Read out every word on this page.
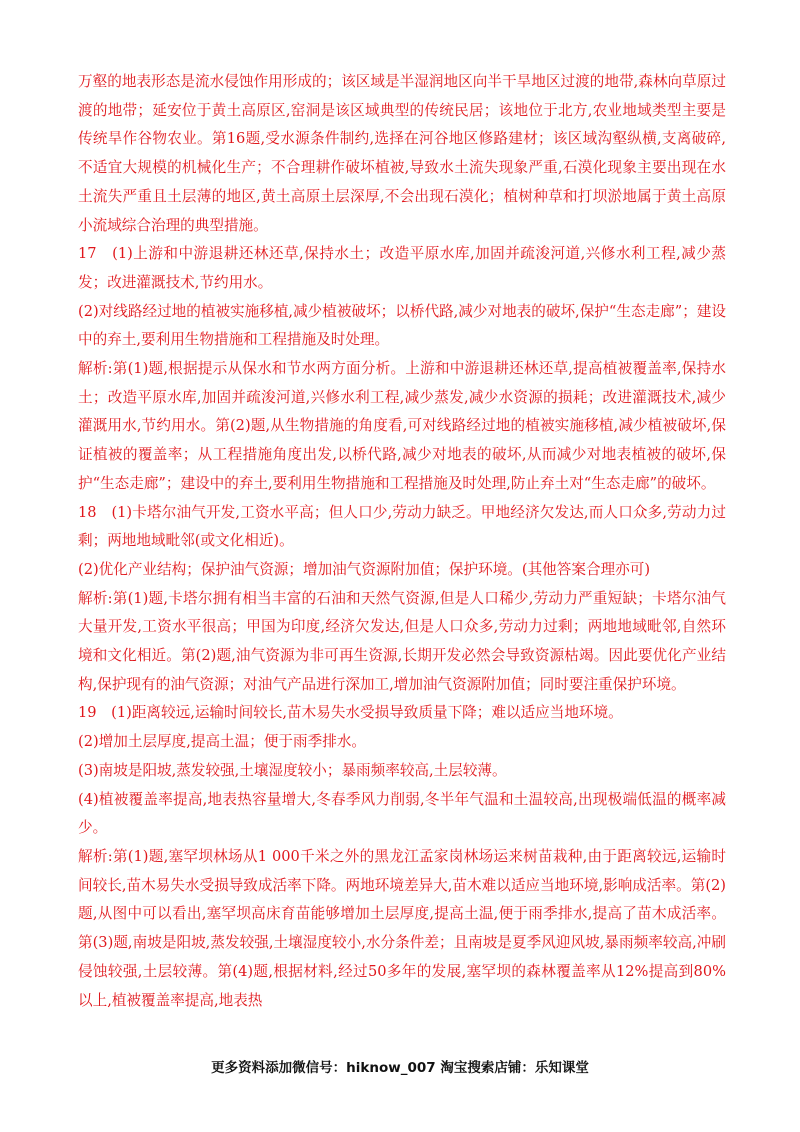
万壑的地表形态是流水侵蚀作用形成的；该区域是半湿润地区向半干旱地区过渡的地带,森林向草原过渡的地带；延安位于黄土高原区,窑洞是该区域典型的传统民居；该地位于北方,农业地域类型主要是传统旱作谷物农业。第16题,受水源条件制约,选择在河谷地区修路建材；该区域沟壑纵横,支离破碎,不适宜大规模的机械化生产；不合理耕作破坏植被,导致水土流失现象严重,石漠化现象主要出现在水土流失严重且土层薄的地区,黄土高原土层深厚,不会出现石漠化；植树种草和打坝淤地属于黄土高原小流域综合治理的典型措施。

17　(1)上游和中游退耕还林还草,保持水土；改造平原水库,加固并疏浚河道,兴修水利工程,减少蒸发；改进灌溉技术,节约用水。

(2)对线路经过地的植被实施移植,减少植被破坏；以桥代路,减少对地表的破坏,保护“生态走廊”；建设中的弃土,要利用生物措施和工程措施及时处理。

解析:第(1)题,根据提示从保水和节水两方面分析。上游和中游退耕还林还草,提高植被覆盖率,保持水土；改造平原水库,加固并疏浚河道,兴修水利工程,减少蒸发,减少水资源的损耗；改进灌溉技术,减少灌溉用水,节约用水。第(2)题,从生物措施的角度看,可对线路经过地的植被实施移植,减少植被破坏,保证植被的覆盖率；从工程措施角度出发,以桥代路,减少对地表的破坏,从而减少对地表植被的破坏,保护“生态走廊”；建设中的弃土,要利用生物措施和工程措施及时处理,防止弃土对“生态走廊”的破坏。

18　(1)卡塔尔油气开发,工资水平高；但人口少,劳动力缺乏。甲地经济欠发达,而人口众多,劳动力过剩；两地地域毗邻(或文化相近)。

(2)优化产业结构；保护油气资源；增加油气资源附加值；保护环境。(其他答案合理亦可)

解析:第(1)题,卡塔尔拥有相当丰富的石油和天然气资源,但是人口稀少,劳动力严重短缺；卡塔尔油气大量开发,工资水平很高；甲国为印度,经济欠发达,但是人口众多,劳动力过剩；两地地域毗邻,自然环境和文化相近。第(2)题,油气资源为非可再生资源,长期开发必然会导致资源枯竭。因此要优化产业结构,保护现有的油气资源；对油气产品进行深加工,增加油气资源附加值；同时要注重保护环境。

19　(1)距离较远,运输时间较长,苗木易失水受损导致质量下降；难以适应当地环境。

(2)增加土层厚度,提高土温；便于雨季排水。

(3)南坡是阳坡,蒸发较强,土壤湿度较小；暴雨频率较高,土层较薄。

(4)植被覆盖率提高,地表热容量增大,冬春季风力削弱,冬半年气温和土温较高,出现极端低温的概率减少。

解析:第(1)题,塞罕坝林场从1 000千米之外的黑龙江孟家岗林场运来树苗栽种,由于距离较远,运输时间较长,苗木易失水受损导致成活率下降。两地环境差异大,苗木难以适应当地环境,影响成活率。第(2)题,从图中可以看出,塞罕坝高床育苗能够增加土层厚度,提高土温,便于雨季排水,提高了苗木成活率。第(3)题,南坡是阳坡,蒸发较强,土壤湿度较小,水分条件差；且南坡是夏季风迎风坡,暴雨频率较高,冲刷侵蚀较强,土层较薄。第(4)题,根据材料,经过50多年的发展,塞罕坝的森林覆盖率从12%提高到80%以上,植被覆盖率提高,地表热

更多资料添加微信号：hiknow_007 淘宝搜索店铺：乐知课堂
